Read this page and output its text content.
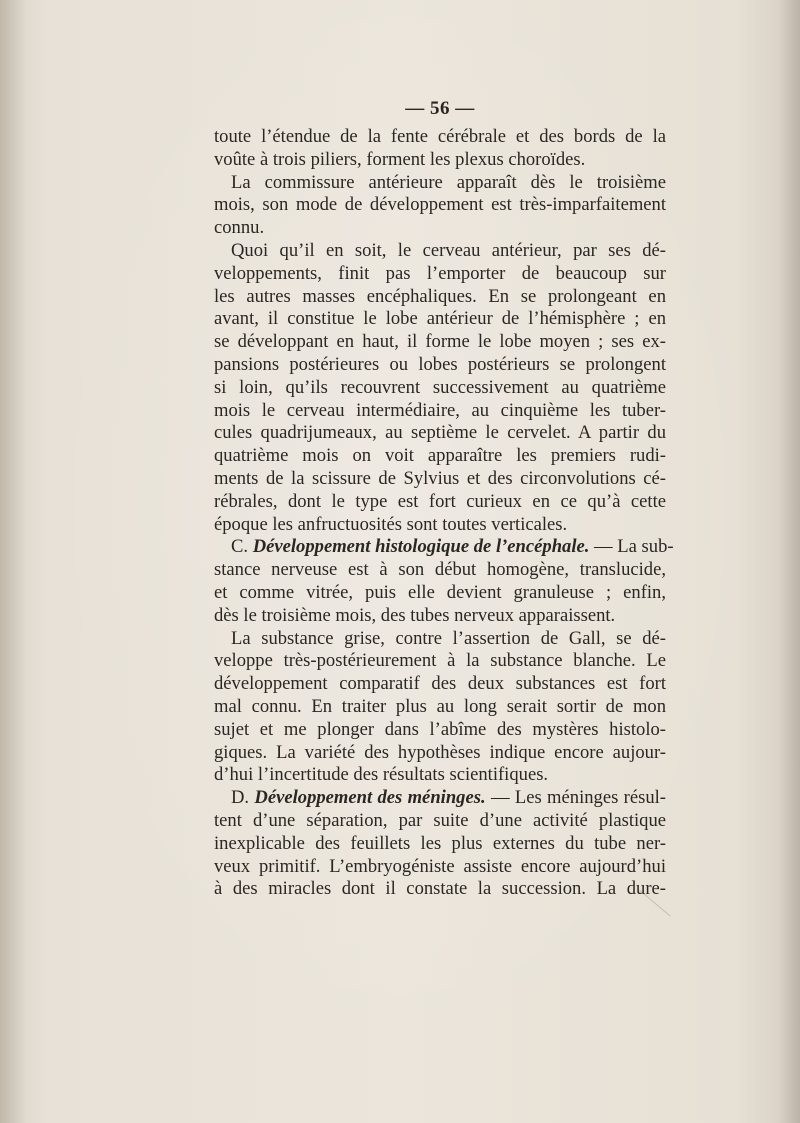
— 56 —
toute l’étendue de la fente cérébrale et des bords de la
voûte à trois piliers, forment les plexus choroïdes.
La commissure antérieure apparaît dès le troisième
mois, son mode de développement est très-imparfaitement
connu.
Quoi qu’il en soit, le cerveau antérieur, par ses dé-
veloppements, finit pas l’emporter de beaucoup sur
les autres masses encéphaliques. En se prolongeant en
avant, il constitue le lobe antérieur de l’hémisphère ; en
se développant en haut, il forme le lobe moyen ; ses ex-
pansions postérieures ou lobes postérieurs se prolongent
si loin, qu’ils recouvrent successivement au quatrième
mois le cerveau intermédiaire, au cinquième les tuber-
cules quadrijumeaux, au septième le cervelet. A partir du
quatrième mois on voit apparaître les premiers rudi-
ments de la scissure de Sylvius et des circonvolutions cé-
rébrales, dont le type est fort curieux en ce qu’à cette
époque les anfructuosités sont toutes verticales.
C. Développement histologique de l’encéphale. — La sub-
stance nerveuse est à son début homogène, translucide,
et comme vitrée, puis elle devient granuleuse ; enfin,
dès le troisième mois, des tubes nerveux apparaissent.
La substance grise, contre l’assertion de Gall, se dé-
veloppe très-postérieurement à la substance blanche. Le
développement comparatif des deux substances est fort
mal connu. En traiter plus au long serait sortir de mon
sujet et me plonger dans l’abîme des mystères histolo-
giques. La variété des hypothèses indique encore aujour-
d’hui l’incertitude des résultats scientifiques.
D. Développement des méninges. — Les méninges résul-
tent d’une séparation, par suite d’une activité plastique
inexplicable des feuillets les plus externes du tube ner-
veux primitif. L’embryogéniste assiste encore aujourd’hui
à des miracles dont il constate la succession. La dure-
